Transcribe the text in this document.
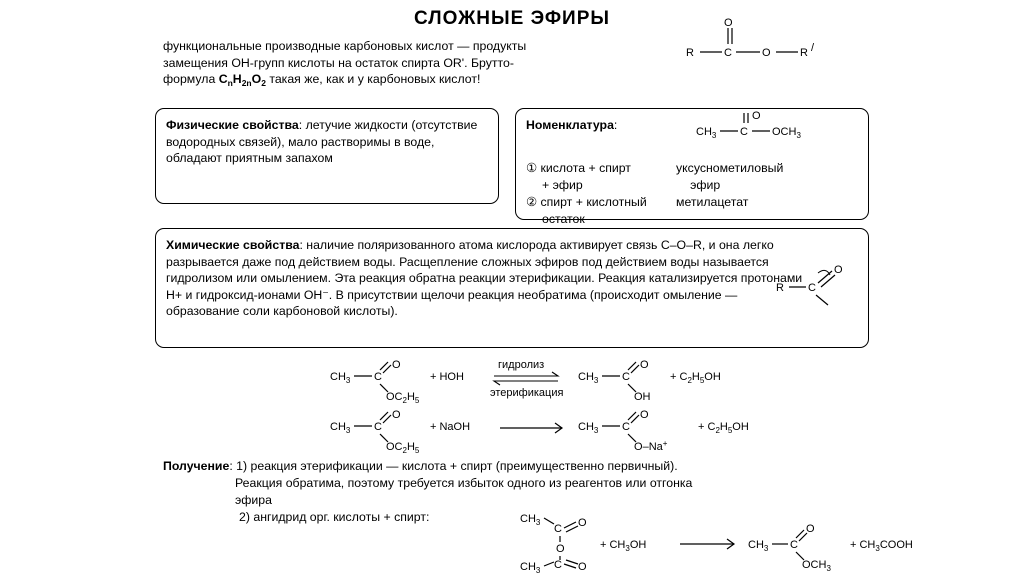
СЛОЖНЫЕ ЭФИРЫ
функциональные производные карбоновых кислот — продукты
замещения ОН-групп кислоты на остаток спирта OR'. Брутто-
формула $C_nH_{2n}O_2$ такая же, как и у карбоновых кислот!
R	C	O	R /
O
Физические свойства: летучие жидкости (отсутствие водородных связей), мало растворимы в воде, обладают приятным запахом
Номенклатура:	$CH_3$ C $OCH_3$
O
① кислота + спирт	уксуснометиловый
+ эфир	эфир
② спирт + кислотный	метилацетат
остаток
Химические свойства: наличие поляризованного атома кислорода активирует связь C–O–R, и она легко разрывается даже под действием воды. Расщепление сложных эфиров под действием воды называется гидролизом или омылением. Эта реакция обратна реакции этерификации. Реакция катализируется протонами H+ и гидроксид-ионами OH⁻. В присутствии щелочи реакция необратима (происходит омыление — образование соли карбоновой кислоты).
R C
O
$CH_3$ C
$OC_2H_5$
O
+ HOH
гидролиз
этерификация
$CH_3$ C
OH
O
+ $C_2H_5OH$
$CH_3$ C
$OC_2H_5$
O
+ NaOH	$CH_3$ C
O–Na+
O
+ $C_2H_5OH$
Получение: 1) реакция этерификации — кислота + спирт (преимущественно первичный).
Реакция обратима, поэтому требуется избыток одного из реагентов или отгонка
эфира
2) ангидрид орг. кислоты + спирт:	$CH_3$
C O
O
$CH_3$ C O
+ $CH_3OH$	$CH_3$ C
O
$OCH_3$
+ $CH_3COOH$
